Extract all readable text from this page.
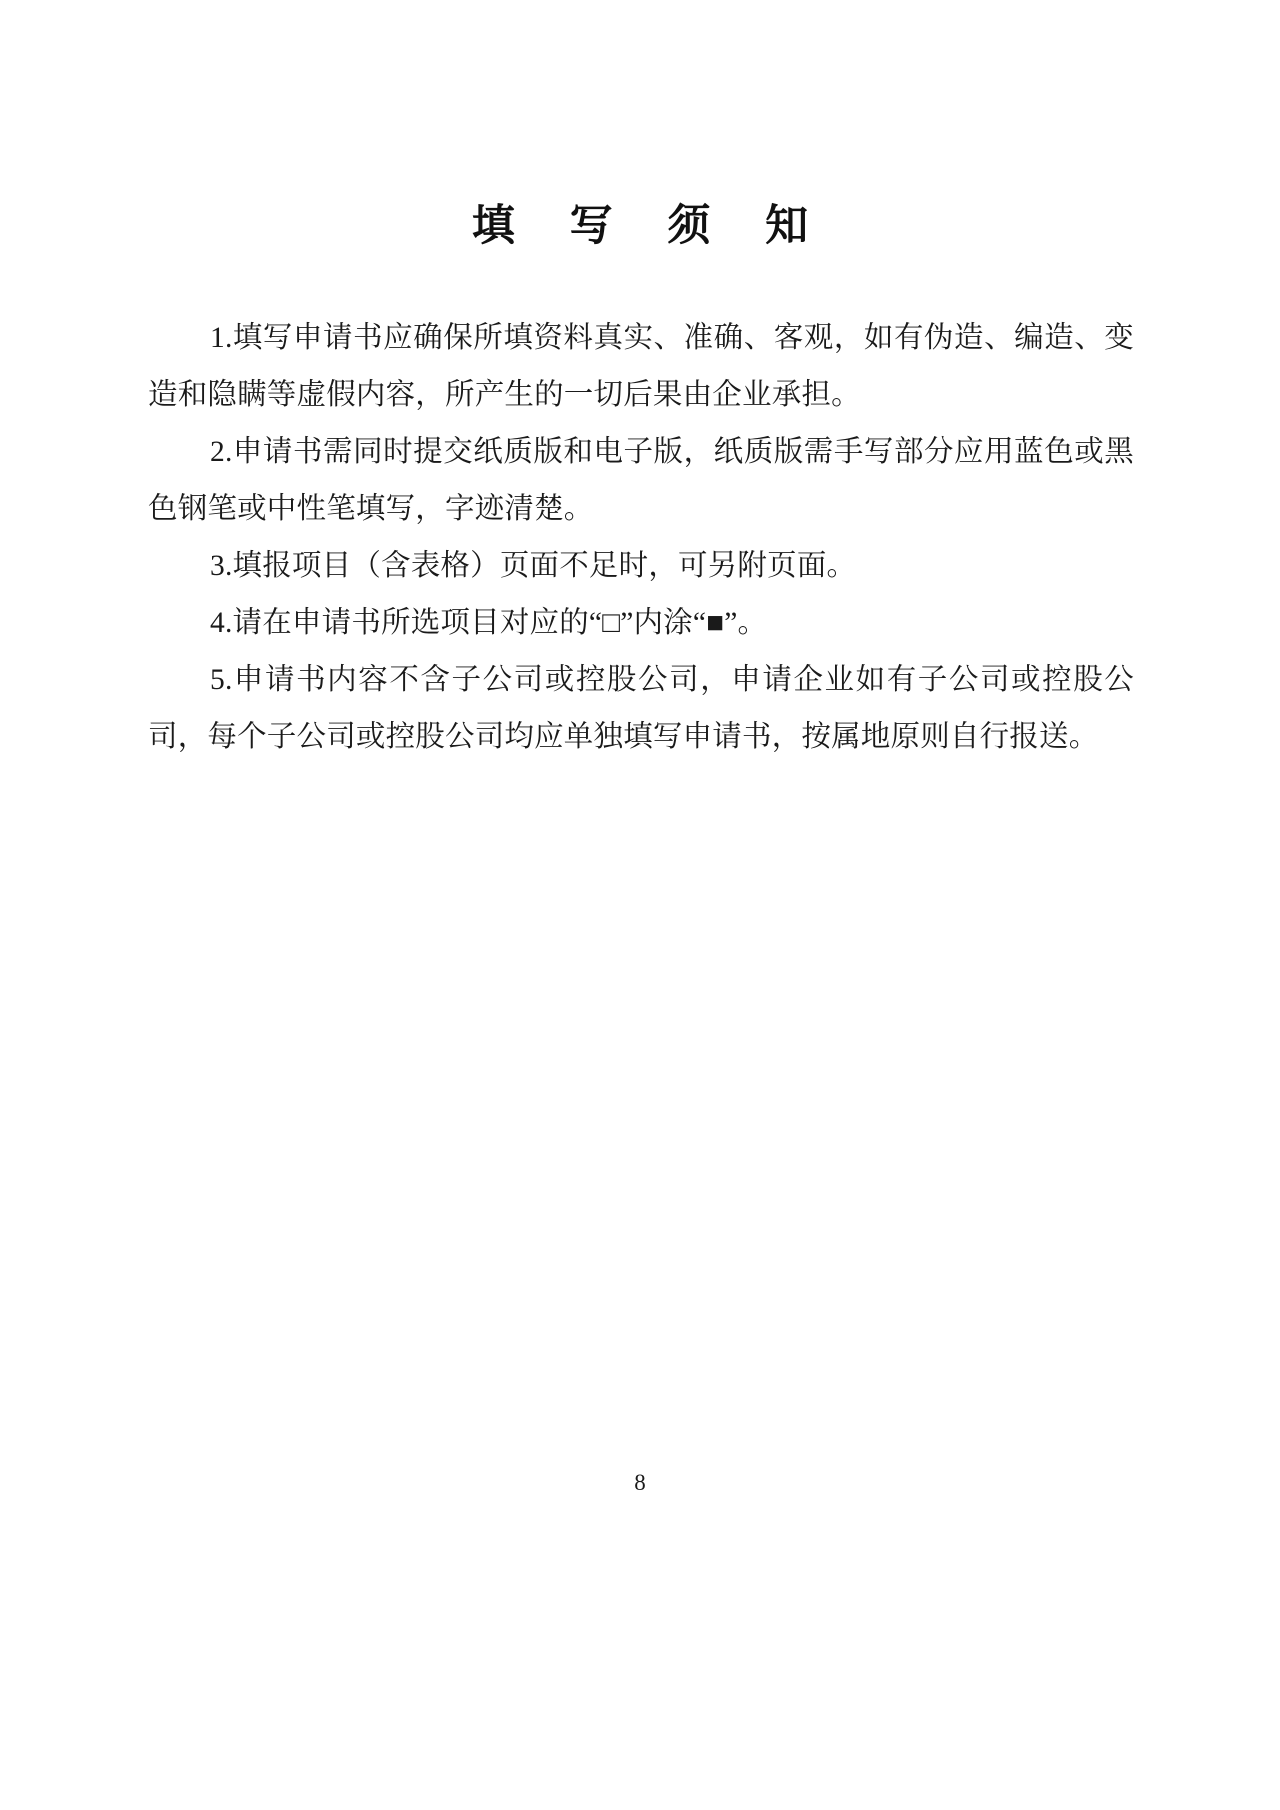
填 写 须 知

1.填写申请书应确保所填资料真实、准确、客观，如有伪造、编造、变造和隐瞒等虚假内容，所产生的一切后果由企业承担。

2.申请书需同时提交纸质版和电子版，纸质版需手写部分应用蓝色或黑色钢笔或中性笔填写，字迹清楚。

3.填报项目（含表格）页面不足时，可另附页面。

4.请在申请书所选项目对应的“□”内涂“■”。

5.申请书内容不含子公司或控股公司，申请企业如有子公司或控股公司，每个子公司或控股公司均应单独填写申请书，按属地原则自行报送。

8
